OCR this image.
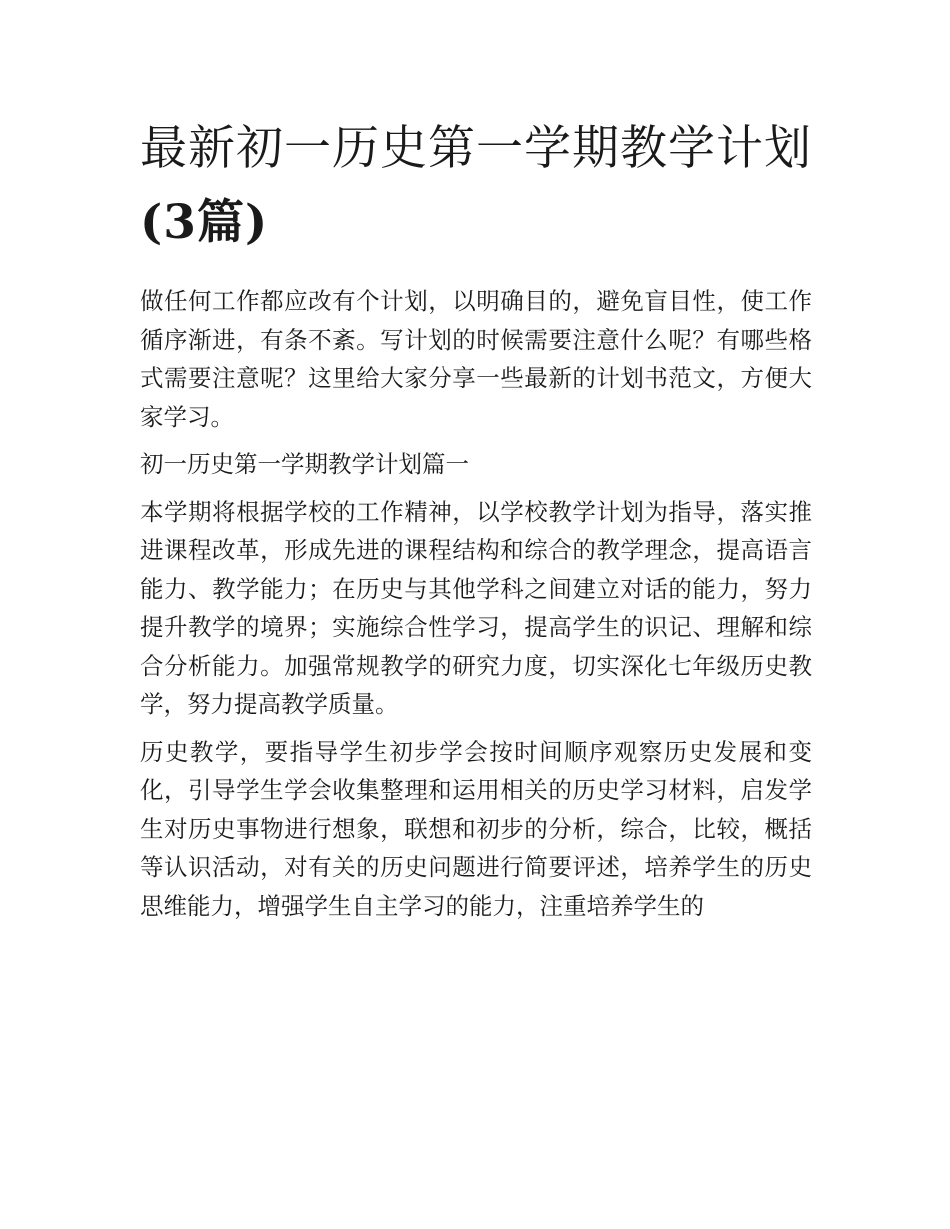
最新初一历史第一学期教学计划(3篇)

做任何工作都应改有个计划，以明确目的，避免盲目性，使工作循序渐进，有条不紊。写计划的时候需要注意什么呢？有哪些格式需要注意呢？这里给大家分享一些最新的计划书范文，方便大家学习。

初一历史第一学期教学计划篇一

本学期将根据学校的工作精神，以学校教学计划为指导，落实推进课程改革，形成先进的课程结构和综合的教学理念，提高语言能力、教学能力；在历史与其他学科之间建立对话的能力，努力提升教学的境界；实施综合性学习，提高学生的识记、理解和综合分析能力。加强常规教学的研究力度，切实深化七年级历史教学，努力提高教学质量。

历史教学，要指导学生初步学会按时间顺序观察历史发展和变化，引导学生学会收集整理和运用相关的历史学习材料，启发学生对历史事物进行想象，联想和初步的分析，综合，比较，概括等认识活动，对有关的历史问题进行简要评述，培养学生的历史思维能力，增强学生自主学习的能力，注重培养学生的
